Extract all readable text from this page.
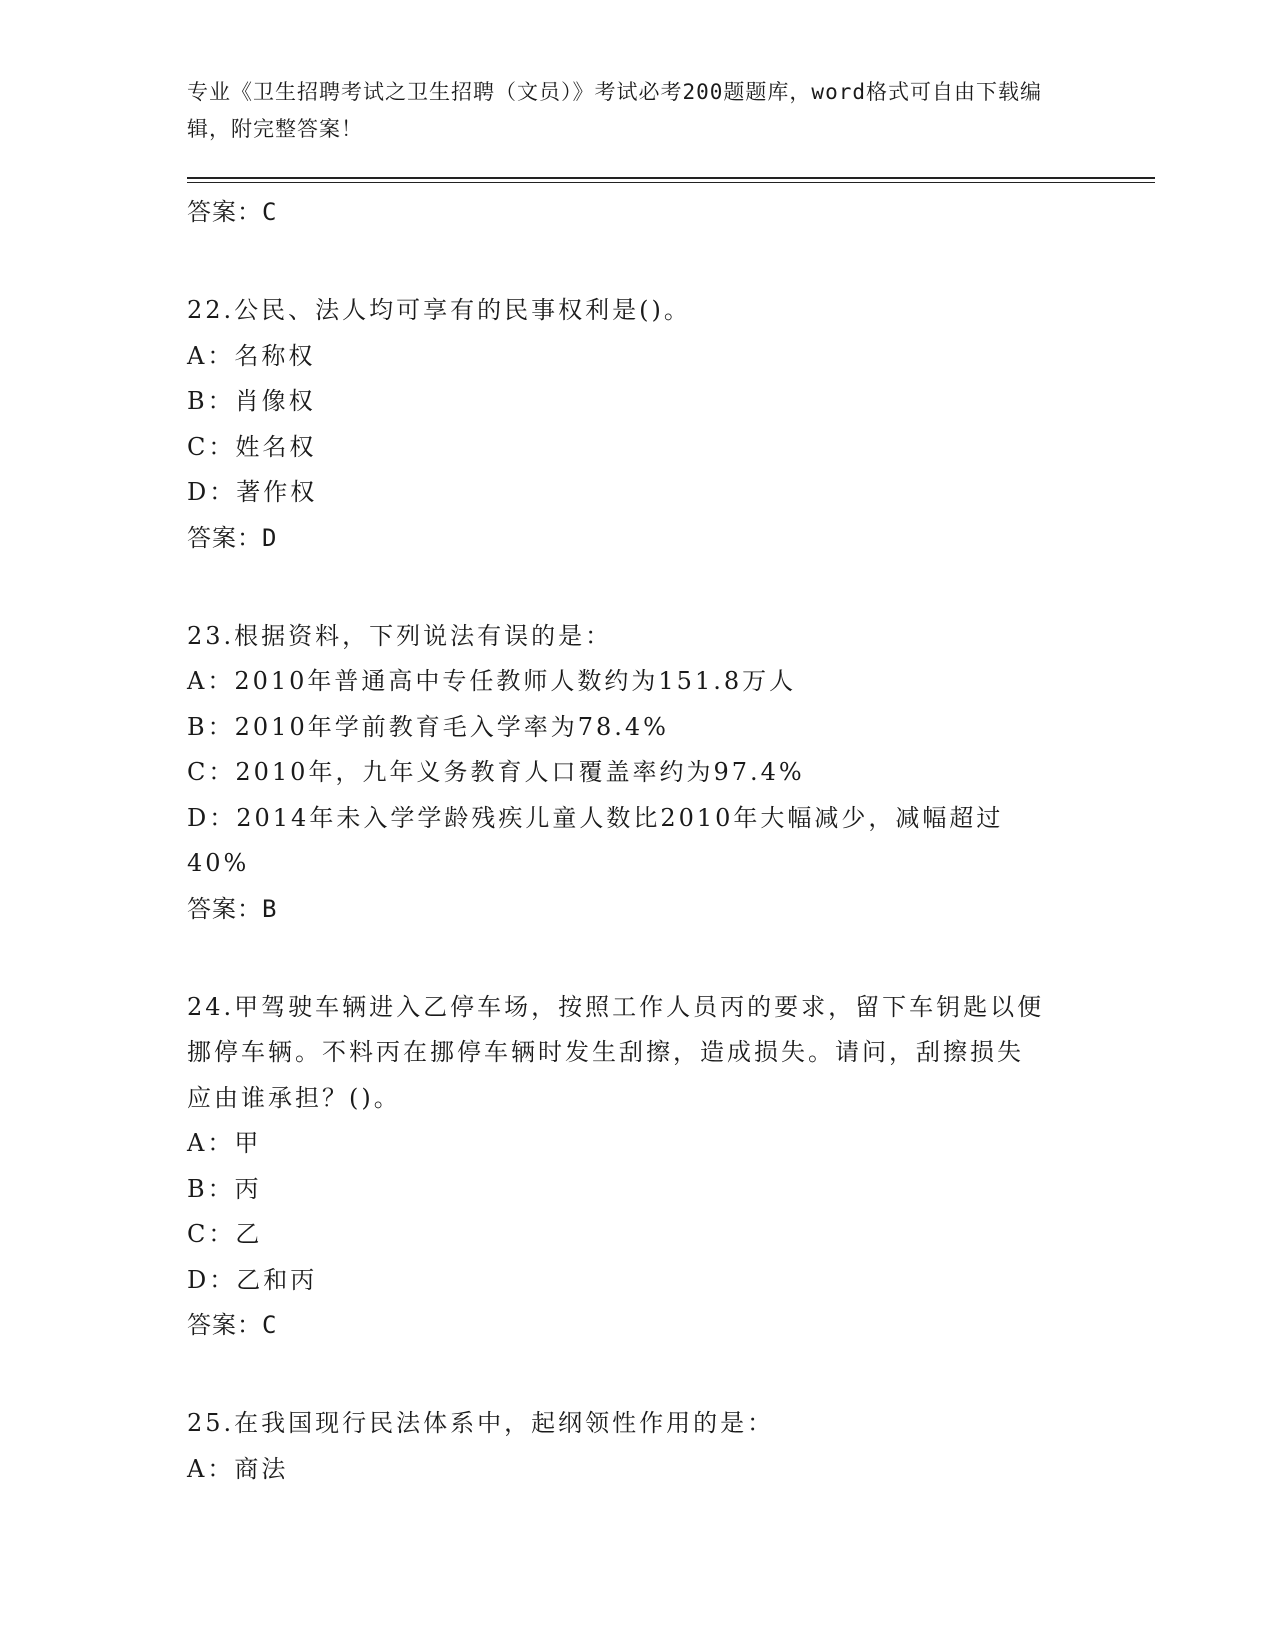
专业《卫生招聘考试之卫生招聘（文员）》考试必考200题题库，word格式可自由下载编辑，附完整答案！
答案：C
22.公民、法人均可享有的民事权利是()。
A：名称权
B：肖像权
C：姓名权
D：著作权
答案：D
23.根据资料，下列说法有误的是：
A：2010年普通高中专任教师人数约为151.8万人
B：2010年学前教育毛入学率为78.4%
C：2010年，九年义务教育人口覆盖率约为97.4%
D：2014年未入学学龄残疾儿童人数比2010年大幅减少，减幅超过40%
答案：B
24.甲驾驶车辆进入乙停车场，按照工作人员丙的要求，留下车钥匙以便挪停车辆。不料丙在挪停车辆时发生刮擦，造成损失。请问，刮擦损失应由谁承担？()。
A：甲
B：丙
C：乙
D：乙和丙
答案：C
25.在我国现行民法体系中，起纲领性作用的是：
A：商法
